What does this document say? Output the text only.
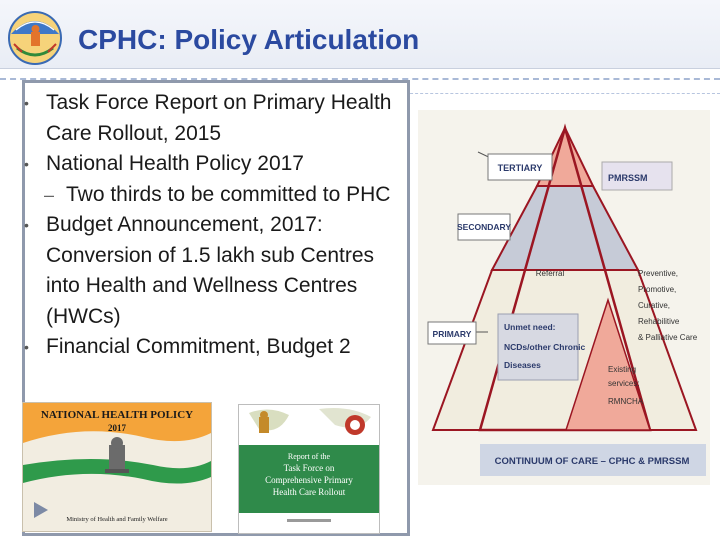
CPHC: Policy Articulation
• Task Force Report on Primary Health Care Rollout, 2015
• National Health Policy 2017
– Two thirds to be committed to PHC
• Budget Announcement, 2017: Conversion of 1.5 lakh sub Centres into Health and Wellness Centres (HWCs)
• Financial Commitment, Budget 2
NATIONAL HEALTH POLICY
2017
Ministry of Health and Family Welfare
Report of the
Task Force on
Comprehensive Primary
Health Care Rollout
TERTIARY
SECONDARY
PRIMARY
Referral
PMRSSM
Preventive,
Promotive,
Curative,
Rehabilitive
& Palliative Care
Unmet need:
NCDs/other Chronic
Diseases	Existing
services:
RMNCHA
CONTINUUM OF CARE – CPHC & PMRSSM
